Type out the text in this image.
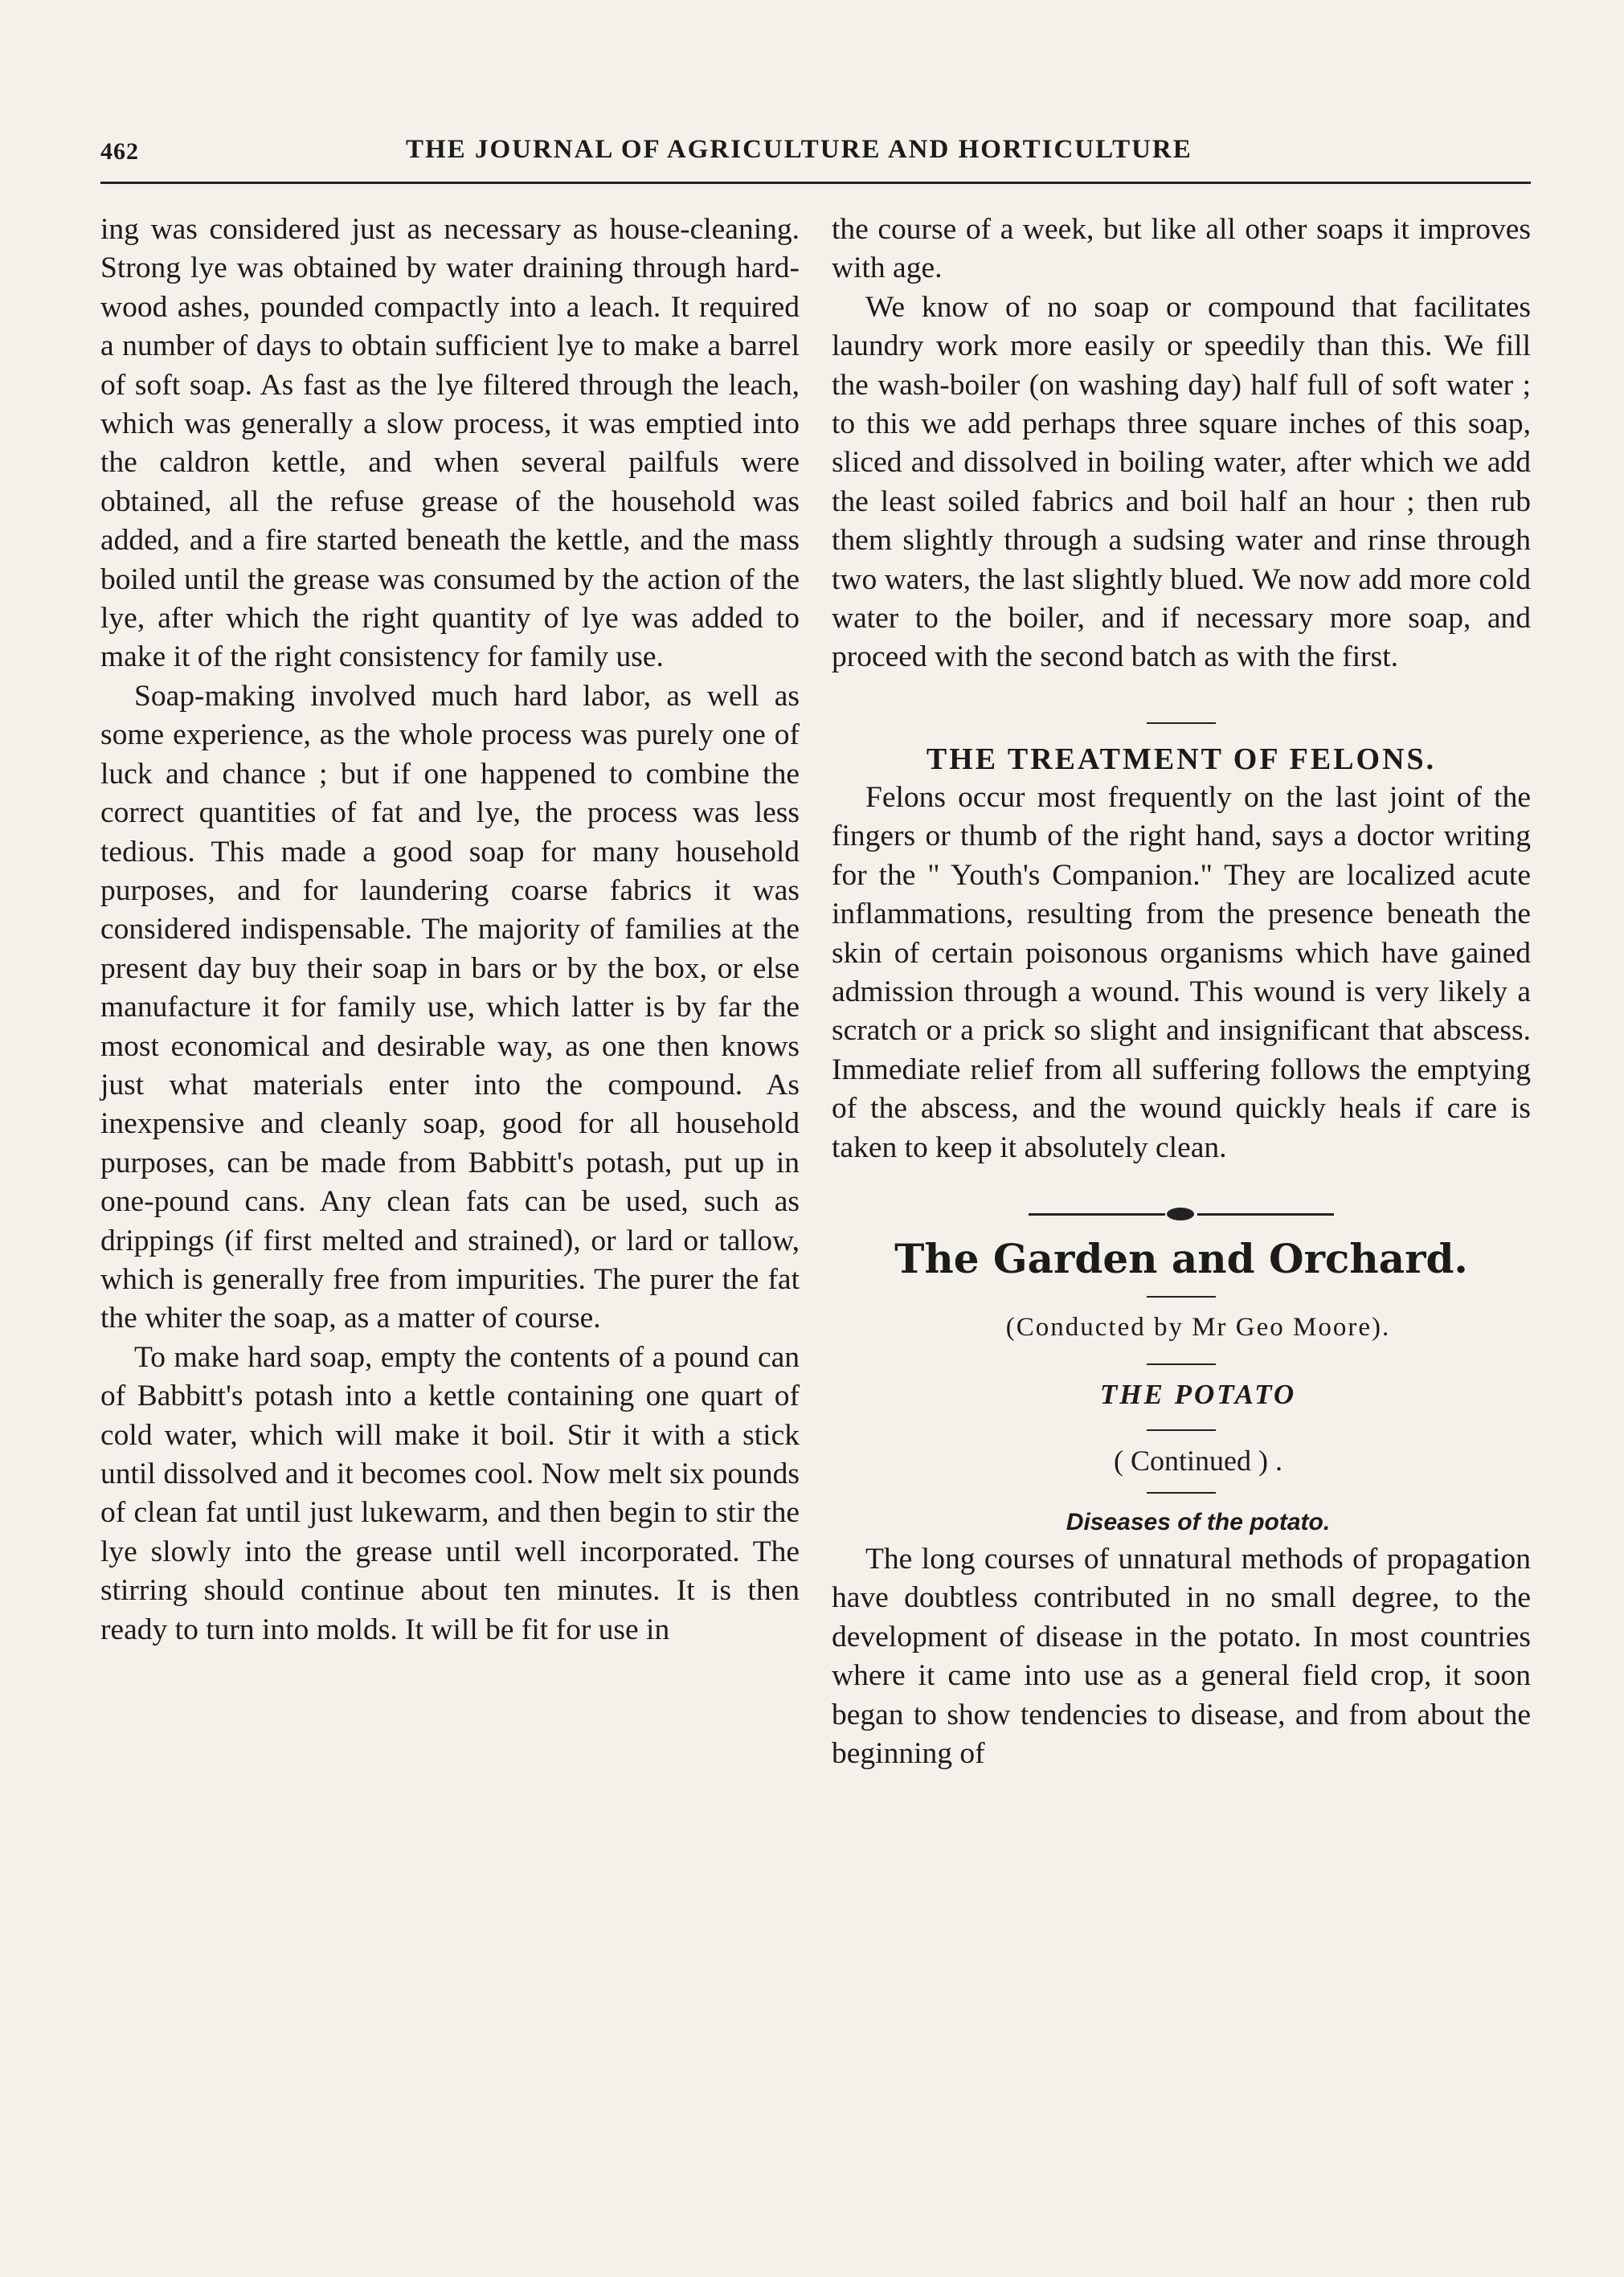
462	THE JOURNAL OF AGRICULTURE AND HORTICULTURE

ing was considered just as necessary as house-cleaning. Strong lye was obtained by water draining through hard-wood ashes, pounded compactly into a leach. It required a number of days to obtain sufficient lye to make a barrel of soft soap. As fast as the lye filtered through the leach, which was generally a slow process, it was emptied into the caldron kettle, and when several pailfuls were obtained, all the refuse grease of the household was added, and a fire started beneath the kettle, and the mass boiled until the grease was consumed by the action of the lye, after which the right quantity of lye was added to make it of the right consistency for family use.

Soap-making involved much hard labor, as well as some experience, as the whole process was purely one of luck and chance ; but if one happened to combine the correct quantities of fat and lye, the process was less tedious. This made a good soap for many household purposes, and for laundering coarse fabrics it was considered indispensable. The majority of families at the present day buy their soap in bars or by the box, or else manufacture it for family use, which latter is by far the most economical and desirable way, as one then knows just what materials enter into the compound. As inexpensive and cleanly soap, good for all household purposes, can be made from Babbitt's potash, put up in one-pound cans. Any clean fats can be used, such as drippings (if first melted and strained), or lard or tallow, which is generally free from impurities. The purer the fat the whiter the soap, as a matter of course.

To make hard soap, empty the contents of a pound can of Babbitt's potash into a kettle containing one quart of cold water, which will make it boil. Stir it with a stick until dissolved and it becomes cool. Now melt six pounds of clean fat until just lukewarm, and then begin to stir the lye slowly into the grease until well incorporated. The stirring should continue about ten minutes. It is then ready to turn into molds. It will be fit for use in

the course of a week, but like all other soaps it improves with age.

We know of no soap or compound that facilitates laundry work more easily or speedily than this. We fill the wash-boiler (on washing day) half full of soft water ; to this we add perhaps three square inches of this soap, sliced and dissolved in boiling water, after which we add the least soiled fabrics and boil half an hour ; then rub them slightly through a sudsing water and rinse through two waters, the last slightly blued. We now add more cold water to the boiler, and if necessary more soap, and proceed with the second batch as with the first.

THE TREATMENT OF FELONS.

Felons occur most frequently on the last joint of the fingers or thumb of the right hand, says a doctor writing for the " Youth's Companion." They are localized acute inflammations, resulting from the presence beneath the skin of certain poisonous organisms which have gained admission through a wound. This wound is very likely a scratch or a prick so slight and insignificant that abscess. Immediate relief from all suffering follows the emptying of the abscess, and the wound quickly heals if care is taken to keep it absolutely clean.

The Garden and Orchard.

(Conducted by Mr Geo Moore).

THE POTATO

( Continued ) .

Diseases of the potato.

The long courses of unnatural methods of propagation have doubtless contributed in no small degree, to the development of disease in the potato. In most countries where it came into use as a general field crop, it soon began to show tendencies to disease, and from about the beginning of
